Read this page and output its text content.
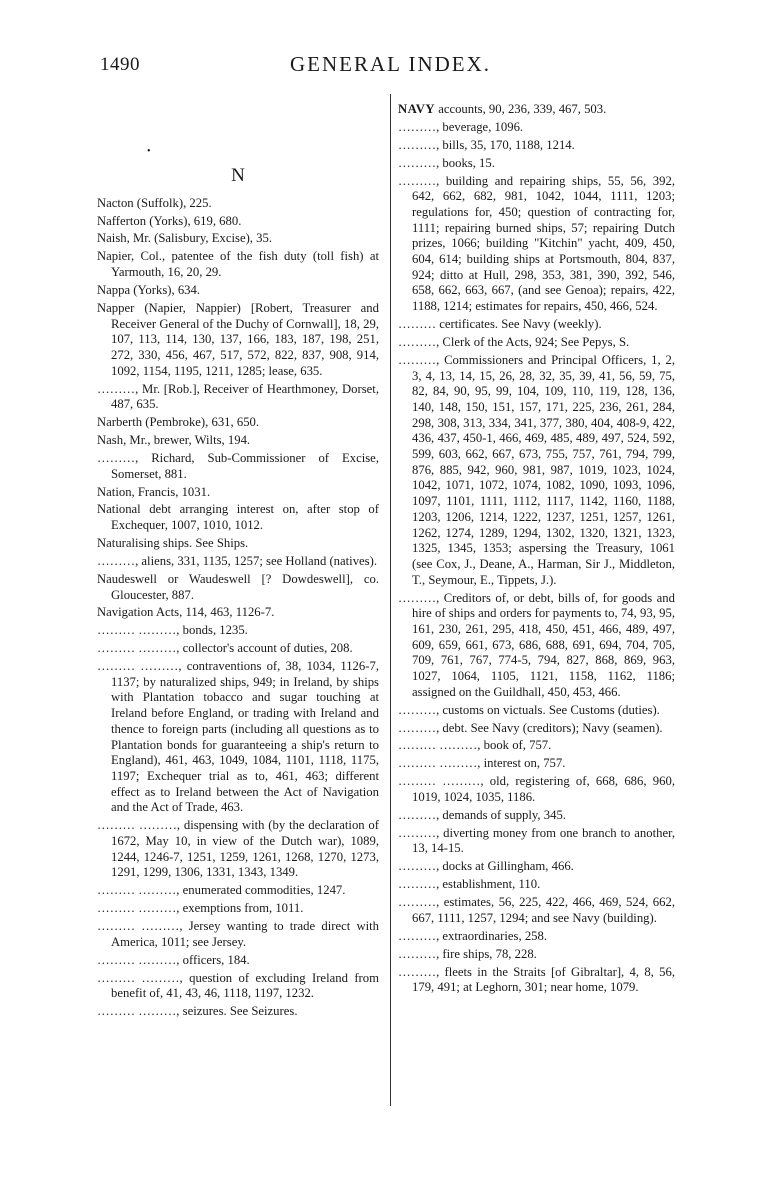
1490	GENERAL INDEX.
•
N
Nacton (Suffolk), 225.
Nafferton (Yorks), 619, 680.
Naish, Mr. (Salisbury, Excise), 35.
Napier, Col., patentee of the fish duty (toll fish) at Yarmouth, 16, 20, 29.
Nappa (Yorks), 634.
Napper (Napier, Nappier) [Robert, Treasurer and Receiver General of the Duchy of Cornwall], 18, 29, 107, 113, 114, 130, 137, 166, 183, 187, 198, 251, 272, 330, 456, 467, 517, 572, 822, 837, 908, 914, 1092, 1154, 1195, 1211, 1285; lease, 635.
………, Mr. [Rob.], Receiver of Hearthmoney, Dorset, 487, 635.
Narberth (Pembroke), 631, 650.
Nash, Mr., brewer, Wilts, 194.
………, Richard, Sub-Commissioner of Excise, Somerset, 881.
Nation, Francis, 1031.
National debt arranging interest on, after stop of Exchequer, 1007, 1010, 1012.
Naturalising ships. See Ships.
………, aliens, 331, 1135, 1257; see Holland (natives).
Naudeswell or Waudeswell [? Dowdeswell], co. Gloucester, 887.
Navigation Acts, 114, 463, 1126-7.
……… ………, bonds, 1235.
……… ………, collector's account of duties, 208.
……… ………, contraventions of, 38, 1034, 1126-7, 1137; by naturalized ships, 949; in Ireland, by ships with Plantation tobacco and sugar touching at Ireland before England, or trading with Ireland and thence to foreign parts (including all questions as to Plantation bonds for guaranteeing a ship's return to England), 461, 463, 1049, 1084, 1101, 1118, 1175, 1197; Exchequer trial as to, 461, 463; different effect as to Ireland between the Act of Navigation and the Act of Trade, 463.
……… ………, dispensing with (by the declaration of 1672, May 10, in view of the Dutch war), 1089, 1244, 1246-7, 1251, 1259, 1261, 1268, 1270, 1273, 1291, 1299, 1306, 1331, 1343, 1349.
……… ………, enumerated commodities, 1247.
……… ………, exemptions from, 1011.
……… ………, Jersey wanting to trade direct with America, 1011; see Jersey.
……… ………, officers, 184.
……… ………, question of excluding Ireland from benefit of, 41, 43, 46, 1118, 1197, 1232.
……… ………, seizures. See Seizures.
NAVY accounts, 90, 236, 339, 467, 503.
………, beverage, 1096.
………, bills, 35, 170, 1188, 1214.
………, books, 15.
………, building and repairing ships, 55, 56, 392, 642, 662, 682, 981, 1042, 1044, 1111, 1203; regulations for, 450; question of contracting for, 1111; repairing burned ships, 57; repairing Dutch prizes, 1066; building "Kitchin" yacht, 409, 450, 604, 614; building ships at Portsmouth, 804, 837, 924; ditto at Hull, 298, 353, 381, 390, 392, 546, 658, 662, 663, 667, (and see Genoa); repairs, 422, 1188, 1214; estimates for repairs, 450, 466, 524.
……… certificates. See Navy (weekly).
………, Clerk of the Acts, 924; See Pepys, S.
………, Commissioners and Principal Officers, 1, 2, 3, 4, 13, 14, 15, 26, 28, 32, 35, 39, 41, 56, 59, 75, 82, 84, 90, 95, 99, 104, 109, 110, 119, 128, 136, 140, 148, 150, 151, 157, 171, 225, 236, 261, 284, 298, 308, 313, 334, 341, 377, 380, 404, 408-9, 422, 436, 437, 450-1, 466, 469, 485, 489, 497, 524, 592, 599, 603, 662, 667, 673, 755, 757, 761, 794, 799, 876, 885, 942, 960, 981, 987, 1019, 1023, 1024, 1042, 1071, 1072, 1074, 1082, 1090, 1093, 1096, 1097, 1101, 1111, 1112, 1117, 1142, 1160, 1188, 1203, 1206, 1214, 1222, 1237, 1251, 1257, 1261, 1262, 1274, 1289, 1294, 1302, 1320, 1321, 1323, 1325, 1345, 1353; aspersing the Treasury, 1061 (see Cox, J., Deane, A., Harman, Sir J., Middleton, T., Seymour, E., Tippets, J.).
………, Creditors of, or debt, bills of, for goods and hire of ships and orders for payments to, 74, 93, 95, 161, 230, 261, 295, 418, 450, 451, 466, 489, 497, 609, 659, 661, 673, 686, 688, 691, 694, 704, 705, 709, 761, 767, 774-5, 794, 827, 868, 869, 963, 1027, 1064, 1105, 1121, 1158, 1162, 1186; assigned on the Guildhall, 450, 453, 466.
………, customs on victuals. See Customs (duties).
………, debt. See Navy (creditors); Navy (seamen).
……… ………, book of, 757.
……… ………, interest on, 757.
……… ………, old, registering of, 668, 686, 960, 1019, 1024, 1035, 1186.
………, demands of supply, 345.
………, diverting money from one branch to another, 13, 14-15.
………, docks at Gillingham, 466.
………, establishment, 110.
………, estimates, 56, 225, 422, 466, 469, 524, 662, 667, 1111, 1257, 1294; and see Navy (building).
………, extraordinaries, 258.
………, fire ships, 78, 228.
………, fleets in the Straits [of Gibraltar], 4, 8, 56, 179, 491; at Leghorn, 301; near home, 1079.
